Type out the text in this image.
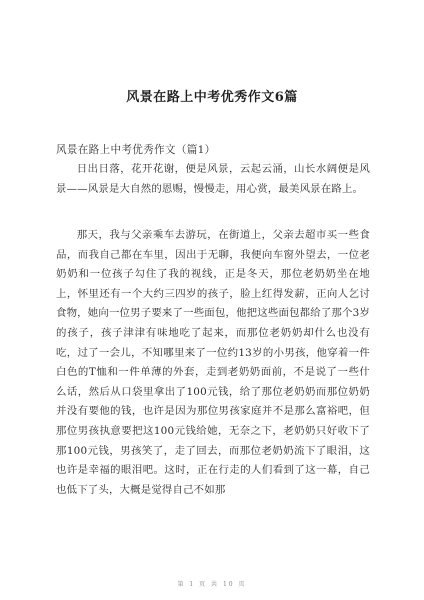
风景在路上中考优秀作文6篇
风景在路上中考优秀作文（篇1）

日出日落，花开花谢，便是风景，云起云涌，山长水阔便是风景——风景是大自然的恩赐，慢慢走，用心赏，最美风景在路上。

那天，我与父亲乘车去游玩，在街道上，父亲去超市买一些食品，而我自己都在车里，因出于无聊，我便向车窗外望去，一位老奶奶和一位孩子勾住了我的视线，正是冬天，那位老奶奶坐在地上，怀里还有一个大约三四岁的孩子，脸上红得发薪，正向人乞讨食物，她向一位男子要来了一些面包，他把这些面包都给了那个3岁的孩子，孩子津津有味地吃了起来，而那位老奶奶却什么也没有吃，过了一会儿，不知哪里来了一位约13岁的小男孩，他穿着一件白色的T恤和一件单薄的外套，走到老奶奶面前，不是说了一些什么话，然后从口袋里拿出了100元钱，给了那位老奶奶而那位奶奶并没有要他的钱，也许是因为那位男孩家庭并不是那么富裕吧，但那位男孩执意要把这100元钱给她，无奈之下，老奶奶只好收下了那100元钱，男孩笑了，走了回去，而那位老奶奶流下了眼泪，这也许是幸福的眼泪吧。这时，正在行走的人们看到了这一幕，自己也低下了头，大概是觉得自己不如那

第 1 页 共 10 页
